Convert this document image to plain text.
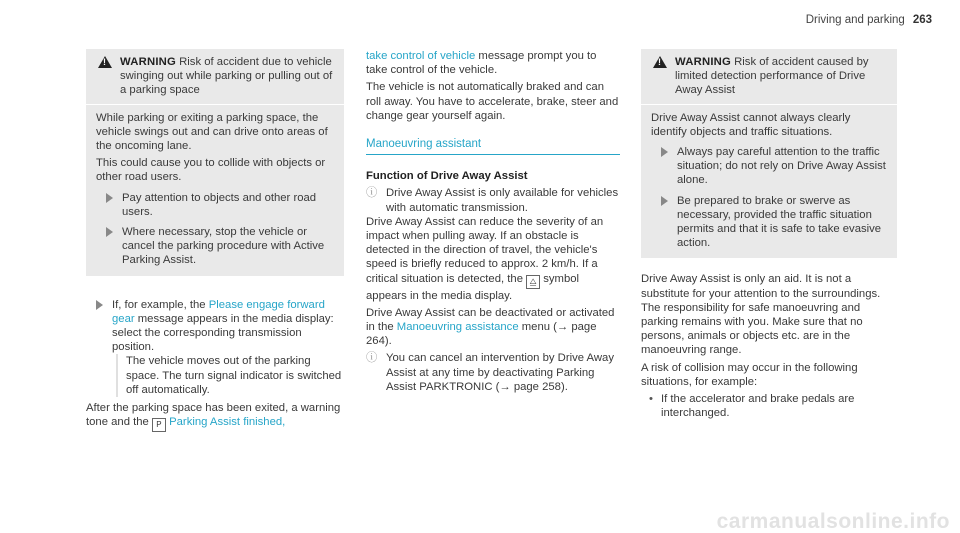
Driving and parking 263
!
WARNING Risk of accident due to vehicle swinging out while parking or pulling out of a parking space

While parking or exiting a parking space, the vehicle swings out and can drive onto areas of the oncoming lane.

This could cause you to collide with objects or other road users.

Pay attention to objects and other road users.
Where necessary, stop the vehicle or cancel the parking procedure with Active Parking Assist.
If, for example, the Please engage forward gear message appears in the media display: select the corresponding transmission position.
The vehicle moves out of the parking space. The turn signal indicator is switched off automatically.

After the parking space has been exited, a warning tone and the P Parking Assist finished,

take control of vehicle message prompt you to take control of the vehicle.

The vehicle is not automatically braked and can roll away. You have to accelerate, brake, steer and change gear yourself again.

Manoeuvring assistant
Function of Drive Away Assist
ⓘ Drive Away Assist is only available for vehicles with automatic transmission.

Drive Away Assist can reduce the severity of an impact when pulling away. If an obstacle is detected in the direction of travel, the vehicle's speed is briefly reduced to approx. 2 km/h. If a critical situation is detected, the ⧋ symbol appears in the media display.

Drive Away Assist can be deactivated or activated in the Manoeuvring assistance menu (→ page 264).

ⓘ You can cancel an intervention by Drive Away Assist at any time by deactivating Parking Assist PARKTRONIC (→ page 258).
!
WARNING Risk of accident caused by limited detection performance of Drive Away Assist

Drive Away Assist cannot always clearly identify objects and traffic situations.

Always pay careful attention to the traffic situation; do not rely on Drive Away Assist alone.
Be prepared to brake or swerve as necessary, provided the traffic situation permits and that it is safe to take evasive action.

Drive Away Assist is only an aid. It is not a substitute for your attention to the surroundings. The responsibility for safe manoeuvring and parking remains with you. Make sure that no persons, animals or objects etc. are in the manoeuvring range.

A risk of collision may occur in the following situations, for example:

• If the accelerator and brake pedals are interchanged.
carmanualsonline.info
